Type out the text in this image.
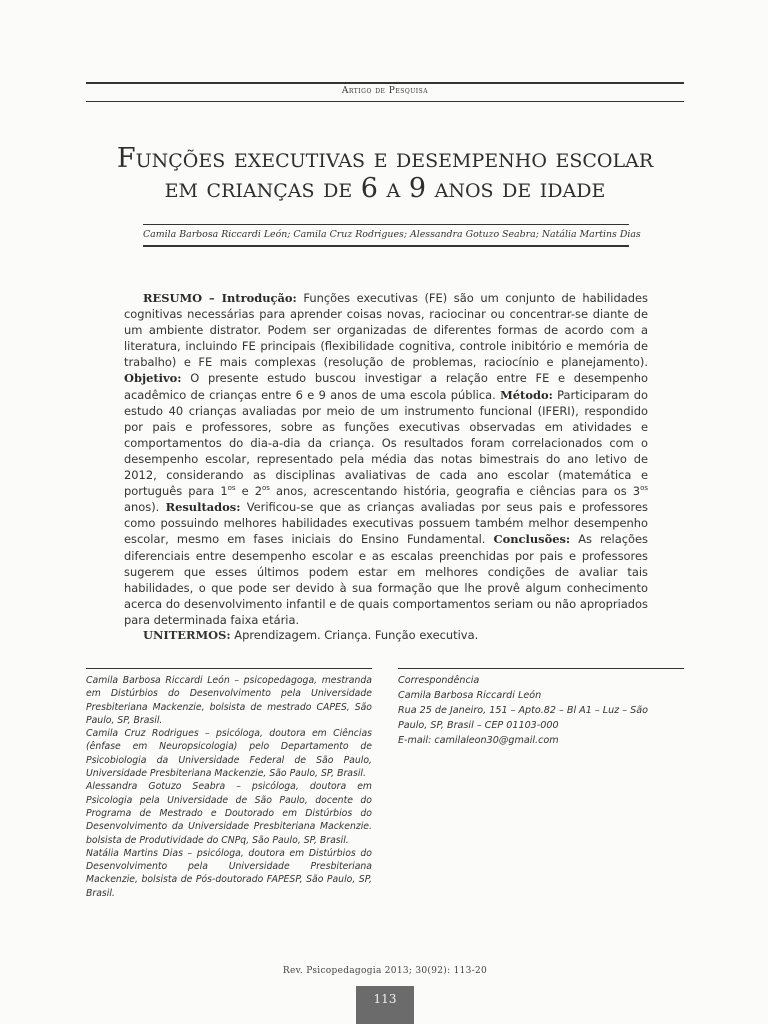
Artigo de Pesquisa
Funções executivas e desempenho escolar
em crianças de 6 a 9 anos de idade
Camila Barbosa Riccardi León; Camila Cruz Rodrigues; Alessandra Gotuzo Seabra; Natália Martins Dias

RESUMO – Introdução: Funções executivas (FE) são um conjunto de habilidades cognitivas necessárias para aprender coisas novas, raciocinar ou concentrar-se diante de um ambiente distrator. Podem ser organizadas de diferentes formas de acordo com a literatura, incluindo FE principais (flexibilidade cognitiva, controle inibitório e memória de trabalho) e FE mais complexas (resolução de problemas, raciocínio e planejamento). Objetivo: O presente estudo buscou investigar a relação entre FE e desempenho acadêmico de crianças entre 6 e 9 anos de uma escola pública. Método: Participaram do estudo 40 crianças avaliadas por meio de um instrumento funcional (IFERI), respondido por pais e professores, sobre as funções executivas observadas em atividades e comportamentos do dia-a-dia da criança. Os resultados foram correlacionados com o desempenho escolar, representado pela média das notas bimestrais do ano letivo de 2012, considerando as disciplinas avaliativas de cada ano escolar (matemática e português para $1^{os}$ e $2^{os}$ anos, acrescentando história, geografia e ciências para os $3^{os}$ anos). Resultados: Verificou-se que as crianças avaliadas por seus pais e professores como possuindo melhores habilidades executivas possuem também melhor desempenho escolar, mesmo em fases iniciais do Ensino Fundamental. Conclusões: As relações diferenciais entre desempenho escolar e as escalas preenchidas por pais e professores sugerem que esses últimos podem estar em melhores condições de avaliar tais habilidades, o que pode ser devido à sua formação que lhe provê algum conhecimento acerca do desenvolvimento infantil e de quais comportamentos seriam ou não apropriados para determinada faixa etária.

UNITERMOS: Aprendizagem. Criança. Função executiva.

Camila Barbosa Riccardi León – psicopedagoga, mestranda em Distúrbios do Desenvolvimento pela Universidade Presbiteriana Mackenzie, bolsista de mestrado CAPES, São Paulo, SP, Brasil.

Camila Cruz Rodrigues – psicóloga, doutora em Ciências (ênfase em Neuropsicologia) pelo Departamento de Psicobiologia da Universidade Federal de São Paulo, Universidade Presbiteriana Mackenzie, São Paulo, SP, Brasil.

Alessandra Gotuzo Seabra – psicóloga, doutora em Psicologia pela Universidade de São Paulo, docente do Programa de Mestrado e Doutorado em Distúrbios do Desenvolvimento da Universidade Presbiteriana Mackenzie. bolsista de Produtividade do CNPq, São Paulo, SP, Brasil.

Natália Martins Dias – psicóloga, doutora em Distúrbios do Desenvolvimento pela Universidade Presbiteriana Mackenzie, bolsista de Pós-doutorado FAPESP, São Paulo, SP, Brasil.

Correspondência
Camila Barbosa Riccardi León
Rua 25 de Janeiro, 151 – Apto.82 – Bl A1 – Luz – São
Paulo, SP, Brasil – CEP 01103-000
E-mail: camilaleon30@gmail.com
Rev. Psicopedagogia 2013; 30(92): 113-20
113
